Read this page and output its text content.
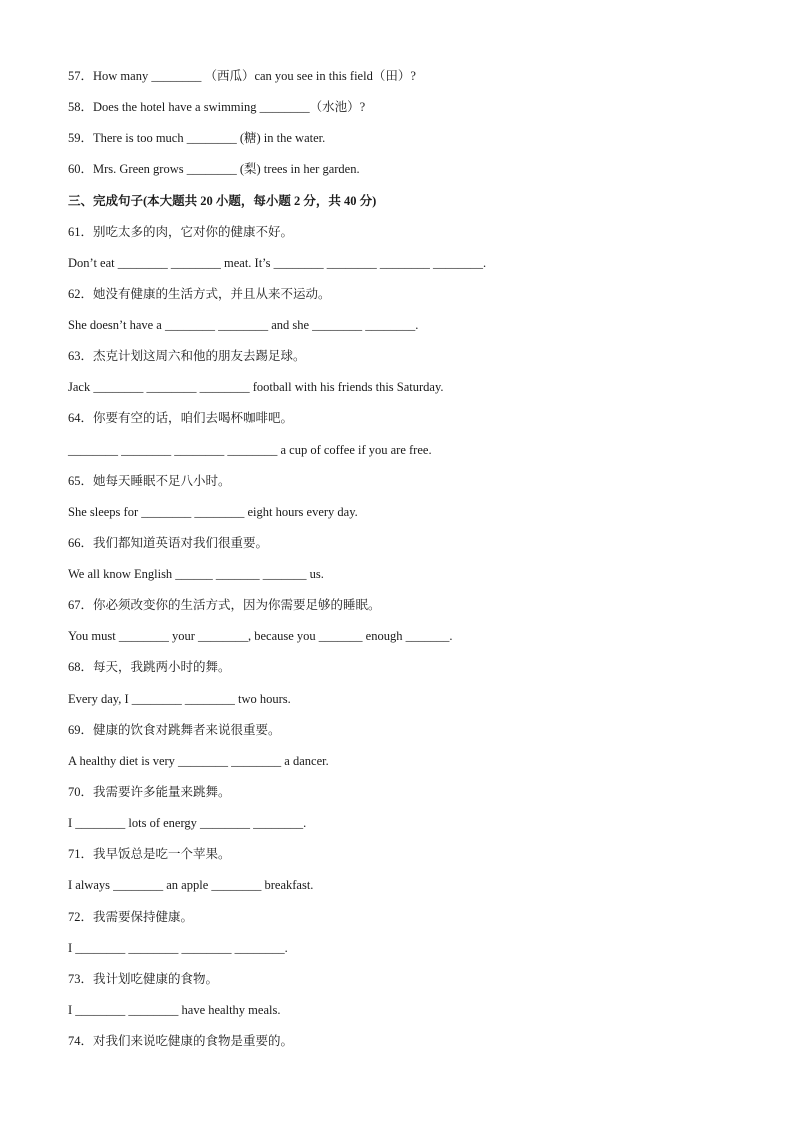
57．How many ________ （西瓜）can you see in this field（田）?
58．Does the hotel have a swimming ________（水池）?
59．There is too much ________ (糖) in the water.
60．Mrs. Green grows ________ (梨) trees in her garden.
三、完成句子(本大题共 20 小题，每小题 2 分，共 40 分)
61．别吃太多的肉，它对你的健康不好。
Don’t eat ________ ________ meat. It’s ________ ________ ________ ________.
62．她没有健康的生活方式，并且从来不运动。
She doesn’t have a ________ ________ and she ________ ________.
63．杰克计划这周六和他的朋友去踢足球。
Jack ________ ________ ________ football with his friends this Saturday.
64．你要有空的话，咱们去喝杯咖啡吧。
________ ________ ________ ________ a cup of coffee if you are free.
65．她每天睡眠不足八小时。
She sleeps for ________ ________ eight hours every day.
66．我们都知道英语对我们很重要。
We all know English ______ _______ _______ us.
67．你必须改变你的生活方式，因为你需要足够的睡眠。
You must ________ your ________, because you _______ enough _______.
68．每天，我跳两小时的舞。
Every day, I ________ ________ two hours.
69．健康的饮食对跳舞者来说很重要。
A healthy diet is very ________ ________ a dancer.
70．我需要许多能量来跳舞。
I ________ lots of energy ________ ________.
71．我早饭总是吃一个苹果。
I always ________ an apple ________ breakfast.
72．我需要保持健康。
I ________ ________ ________ ________.
73．我计划吃健康的食物。
I ________ ________ have healthy meals.
74．对我们来说吃健康的食物是重要的。
